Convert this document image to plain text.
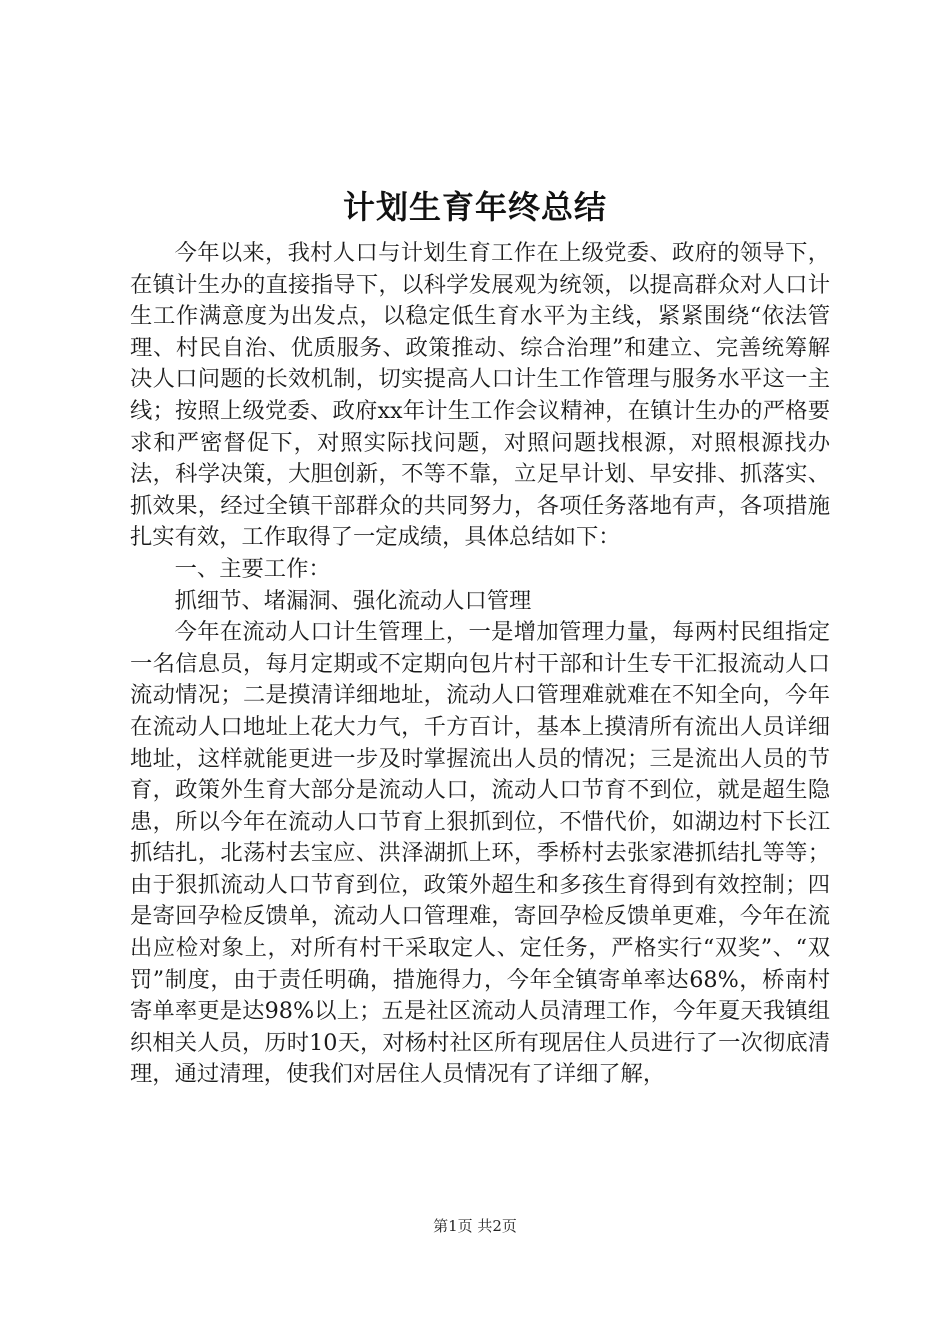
计划生育年终总结

今年以来，我村人口与计划生育工作在上级党委、政府的领导下，在镇计生办的直接指导下，以科学发展观为统领，以提高群众对人口计生工作满意度为出发点，以稳定低生育水平为主线，紧紧围绕“依法管理、村民自治、优质服务、政策推动、综合治理”和建立、完善统筹解决人口问题的长效机制，切实提高人口计生工作管理与服务水平这一主线；按照上级党委、政府xx年计生工作会议精神，在镇计生办的严格要求和严密督促下，对照实际找问题，对照问题找根源，对照根源找办法，科学决策，大胆创新，不等不靠，立足早计划、早安排、抓落实、抓效果，经过全镇干部群众的共同努力，各项任务落地有声，各项措施扎实有效，工作取得了一定成绩，具体总结如下：

一、主要工作：

抓细节、堵漏洞、强化流动人口管理

今年在流动人口计生管理上，一是增加管理力量，每两村民组指定一名信息员，每月定期或不定期向包片村干部和计生专干汇报流动人口流动情况；二是摸清详细地址，流动人口管理难就难在不知全向，今年在流动人口地址上花大力气，千方百计，基本上摸清所有流出人员详细地址，这样就能更进一步及时掌握流出人员的情况；三是流出人员的节育，政策外生育大部分是流动人口，流动人口节育不到位，就是超生隐患，所以今年在流动人口节育上狠抓到位，不惜代价，如湖边村下长江抓结扎，北荡村去宝应、洪泽湖抓上环，季桥村去张家港抓结扎等等；由于狠抓流动人口节育到位，政策外超生和多孩生育得到有效控制；四是寄回孕检反馈单，流动人口管理难，寄回孕检反馈单更难，今年在流出应检对象上，对所有村干采取定人、定任务，严格实行“双奖”、“双罚”制度，由于责任明确，措施得力，今年全镇寄单率达68%，桥南村寄单率更是达98%以上；五是社区流动人员清理工作，今年夏天我镇组织相关人员，历时10天，对杨村社区所有现居住人员进行了一次彻底清理，通过清理，使我们对居住人员情况有了详细了解，

第1页 共2页
